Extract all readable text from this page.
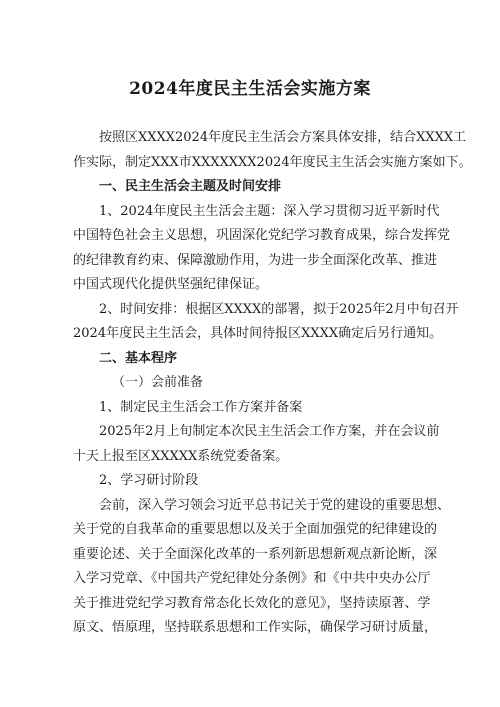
2024年度民主生活会实施方案
按照区XXXX2024年度民主生活会方案具体安排，结合XXXX工
作实际，制定XXX市XXXXXXX2024年度民主生活会实施方案如下。
一、民主生活会主题及时间安排
1、2024年度民主生活会主题：深入学习贯彻习近平新时代
中国特色社会主义思想，巩固深化党纪学习教育成果，综合发挥党
的纪律教育约束、保障激励作用，为进一步全面深化改革、推进
中国式现代化提供坚强纪律保证。
2、时间安排：根据区XXXX的部署，拟于2025年2月中旬召开
2024年度民主生活会，具体时间待报区XXXX确定后另行通知。
二、基本程序
（一）会前准备
1、制定民主生活会工作方案并备案
2025年2月上旬制定本次民主生活会工作方案，并在会议前
十天上报至区XXXXX系统党委备案。
2、学习研讨阶段
会前，深入学习领会习近平总书记关于党的建设的重要思想、
关于党的自我革命的重要思想以及关于全面加强党的纪律建设的
重要论述、关于全面深化改革的一系列新思想新观点新论断，深
入学习党章、《中国共产党纪律处分条例》和《中共中央办公厅
关于推进党纪学习教育常态化长效化的意见》，坚持读原著、学
原文、悟原理，坚持联系思想和工作实际，确保学习研讨质量，
